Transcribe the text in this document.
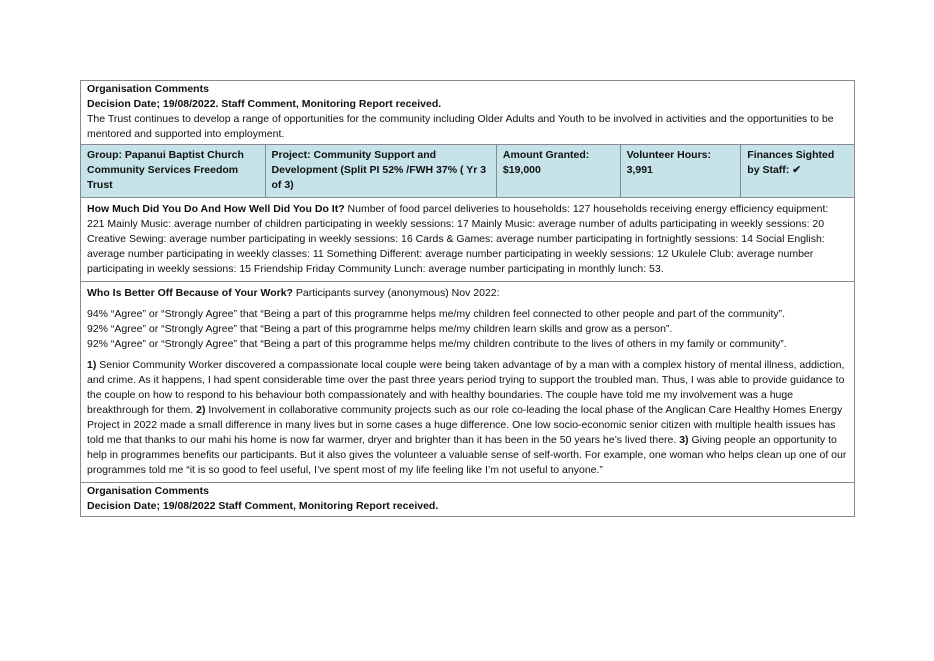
Organisation Comments

Decision Date; 19/08/2022. Staff Comment, Monitoring Report received.

The Trust continues to develop a range of opportunities for the community including Older Adults and Youth to be involved in activities and the opportunities to be mentored and supported into employment.

Group: Papanui Baptist Church Community Services Freedom Trust
Project: Community Support and Development (Split PI 52% /FWH 37% ( Yr 3 of 3)
Amount Granted: $19,000
Volunteer Hours: 3,991
Finances Sighted by Staff: ✔

How Much Did You Do And How Well Did You Do It? Number of food parcel deliveries to households: 127 households receiving energy efficiency equipment: 221 Mainly Music: average number of children participating in weekly sessions: 17 Mainly Music: average number of adults participating in weekly sessions: 20 Creative Sewing: average number participating in weekly sessions: 16 Cards & Games: average number participating in fortnightly sessions: 14 Social English: average number participating in weekly classes: 11 Something Different: average number participating in weekly sessions: 12 Ukulele Club: average number participating in weekly sessions: 15 Friendship Friday Community Lunch: average number participating in monthly lunch: 53.

Who Is Better Off Because of Your Work? Participants survey (anonymous) Nov 2022:

94% “Agree” or “Strongly Agree” that “Being a part of this programme helps me/my children feel connected to other people and part of the community”.

92% “Agree” or “Strongly Agree” that “Being a part of this programme helps me/my children learn skills and grow as a person”.

92% “Agree” or “Strongly Agree” that “Being a part of this programme helps me/my children contribute to the lives of others in my family or community”.

1) Senior Community Worker discovered a compassionate local couple were being taken advantage of by a man with a complex history of mental illness, addiction, and crime. As it happens, I had spent considerable time over the past three years period trying to support the troubled man. Thus, I was able to provide guidance to the couple on how to respond to his behaviour both compassionately and with healthy boundaries. The couple have told me my involvement was a huge breakthrough for them. 2) Involvement in collaborative community projects such as our role co-leading the local phase of the Anglican Care Healthy Homes Energy Project in 2022 made a small difference in many lives but in some cases a huge difference. One low socio-economic senior citizen with multiple health issues has told me that thanks to our mahi his home is now far warmer, dryer and brighter than it has been in the 50 years he’s lived there. 3) Giving people an opportunity to help in programmes benefits our participants. But it also gives the volunteer a valuable sense of self-worth. For example, one woman who helps clean up one of our programmes told me “it is so good to feel useful, I’ve spent most of my life feeling like I’m not useful to anyone.”

Organisation Comments

Decision Date; 19/08/2022 Staff Comment, Monitoring Report received.
